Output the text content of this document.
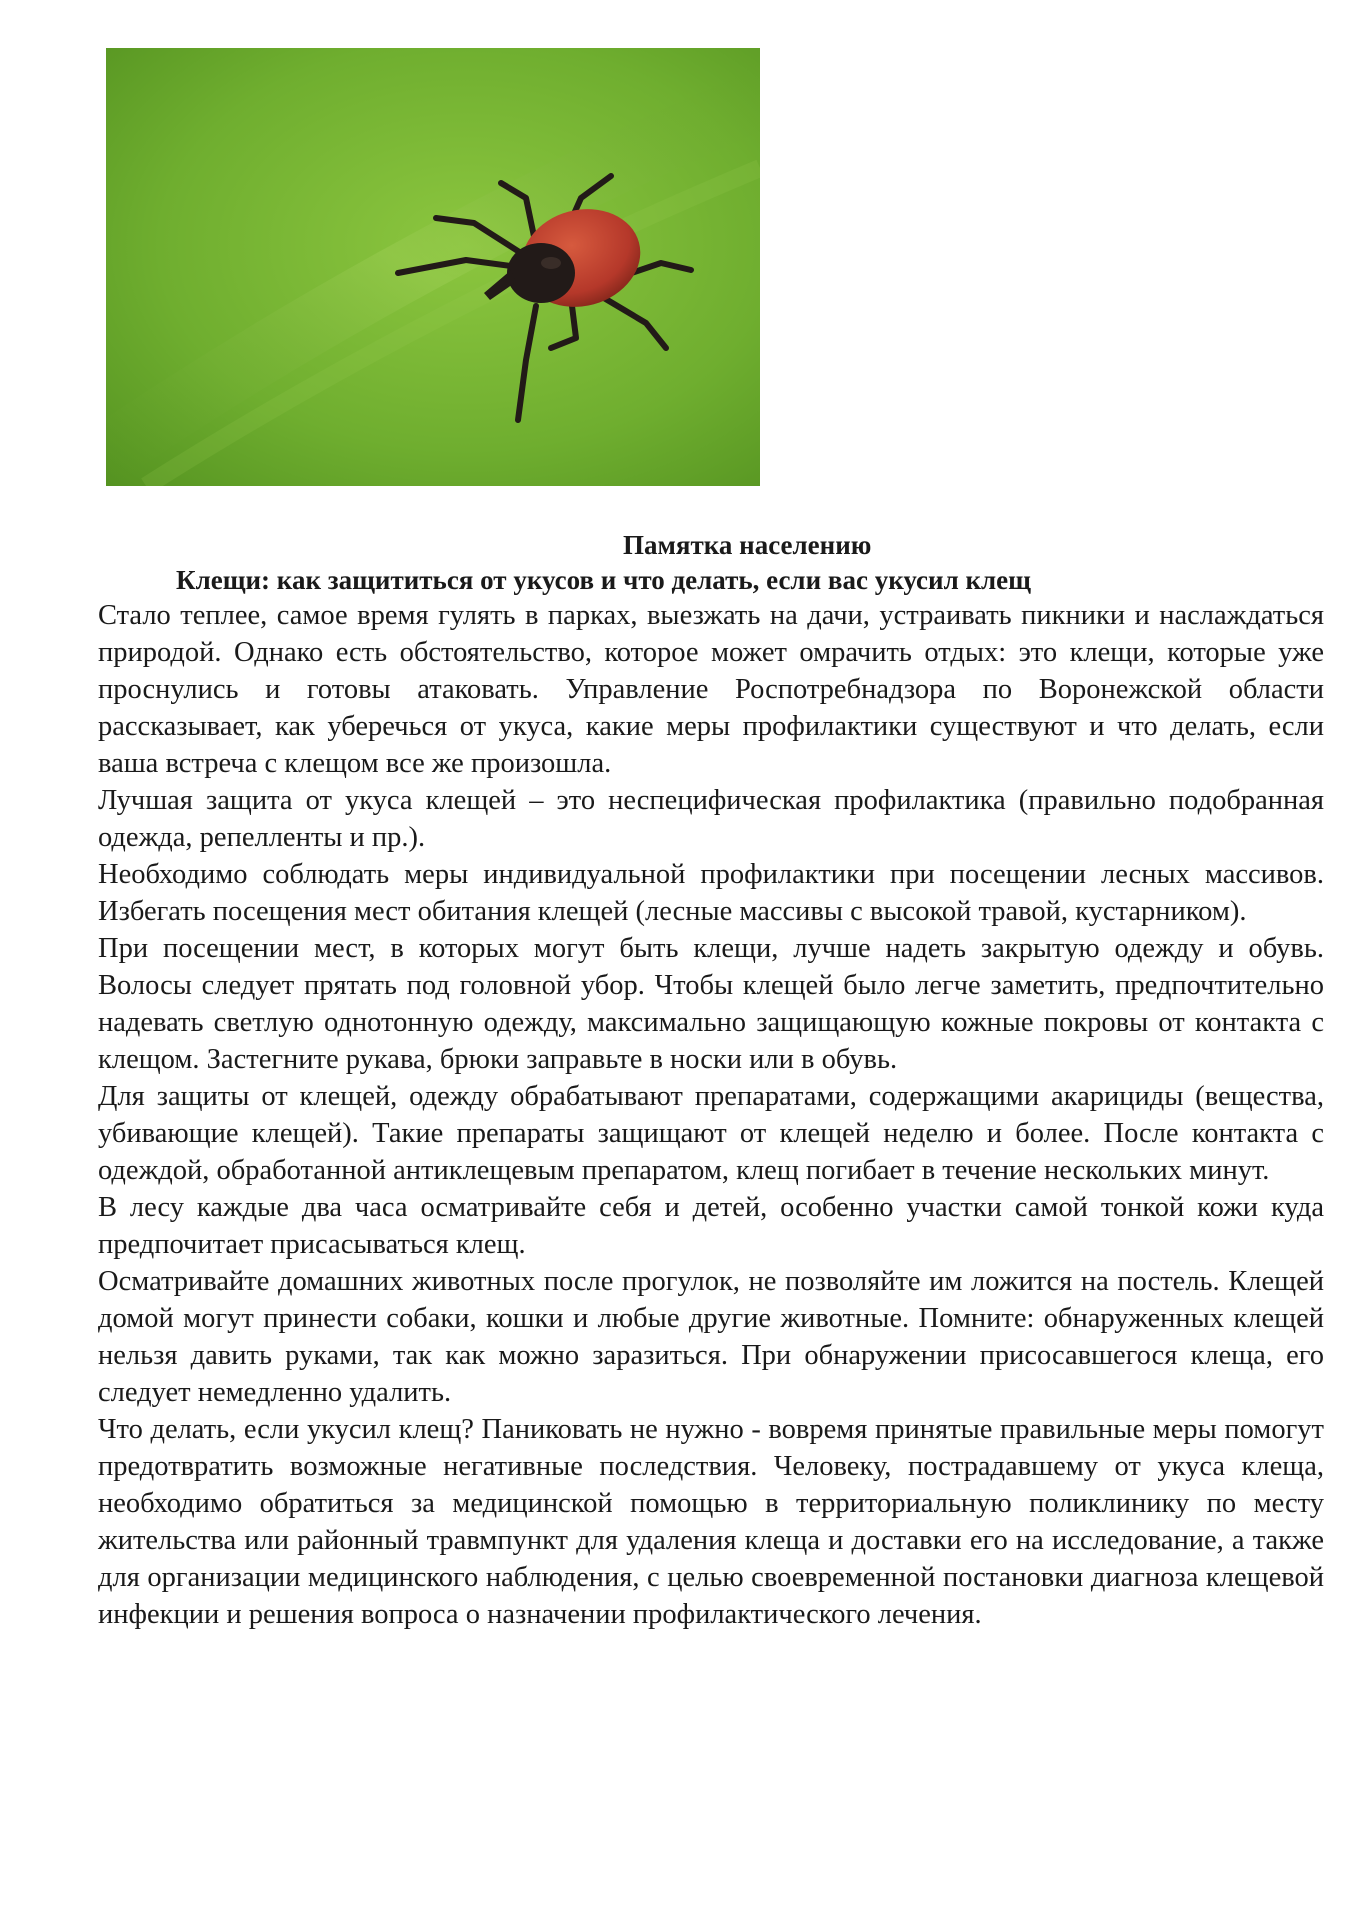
Памятка населению
Клещи: как защититься от укусов и что делать, если вас укусил клещ

Стало теплее, самое время гулять в парках, выезжать на дачи, устраивать пикники и наслаждаться природой. Однако есть обстоятельство, которое может омрачить отдых: это клещи, которые уже проснулись и готовы атаковать. Управление Роспотребнадзора по Воронежской области рассказывает, как уберечься от укуса, какие меры профилактики существуют и что делать, если ваша встреча с клещом все же произошла.

Лучшая защита от укуса клещей – это неспецифическая профилактика (правильно подобранная одежда, репелленты и пр.).

Необходимо соблюдать меры индивидуальной профилактики при посещении лесных массивов. Избегать посещения мест обитания клещей (лесные массивы с высокой травой, кустарником).

При посещении мест, в которых могут быть клещи, лучше надеть закрытую одежду и обувь. Волосы следует прятать под головной убор. Чтобы клещей было легче заметить, предпочтительно надевать светлую однотонную одежду, максимально защищающую кожные покровы от контакта с клещом. Застегните рукава, брюки заправьте в носки или в обувь.

Для защиты от клещей, одежду обрабатывают препаратами, содержащими акарициды (вещества, убивающие клещей). Такие препараты защищают от клещей неделю и более. После контакта с одеждой, обработанной антиклещевым препаратом, клещ погибает в течение нескольких минут.

В лесу каждые два часа осматривайте себя и детей, особенно участки самой тонкой кожи куда предпочитает присасываться клещ.

Осматривайте домашних животных после прогулок, не позволяйте им ложится на постель. Клещей домой могут принести собаки, кошки и любые другие животные. Помните: обнаруженных клещей нельзя давить руками, так как можно заразиться. При обнаружении присосавшегося клеща, его следует немедленно удалить.

Что делать, если укусил клещ? Паниковать не нужно - вовремя принятые правильные меры помогут предотвратить возможные негативные последствия. Человеку, пострадавшему от укуса клеща, необходимо обратиться за медицинской помощью в территориальную поликлинику по месту жительства или районный травмпункт для удаления клеща и доставки его на исследование, а также для организации медицинского наблюдения, с целью своевременной постановки диагноза клещевой инфекции и решения вопроса о назначении профилактического лечения.
